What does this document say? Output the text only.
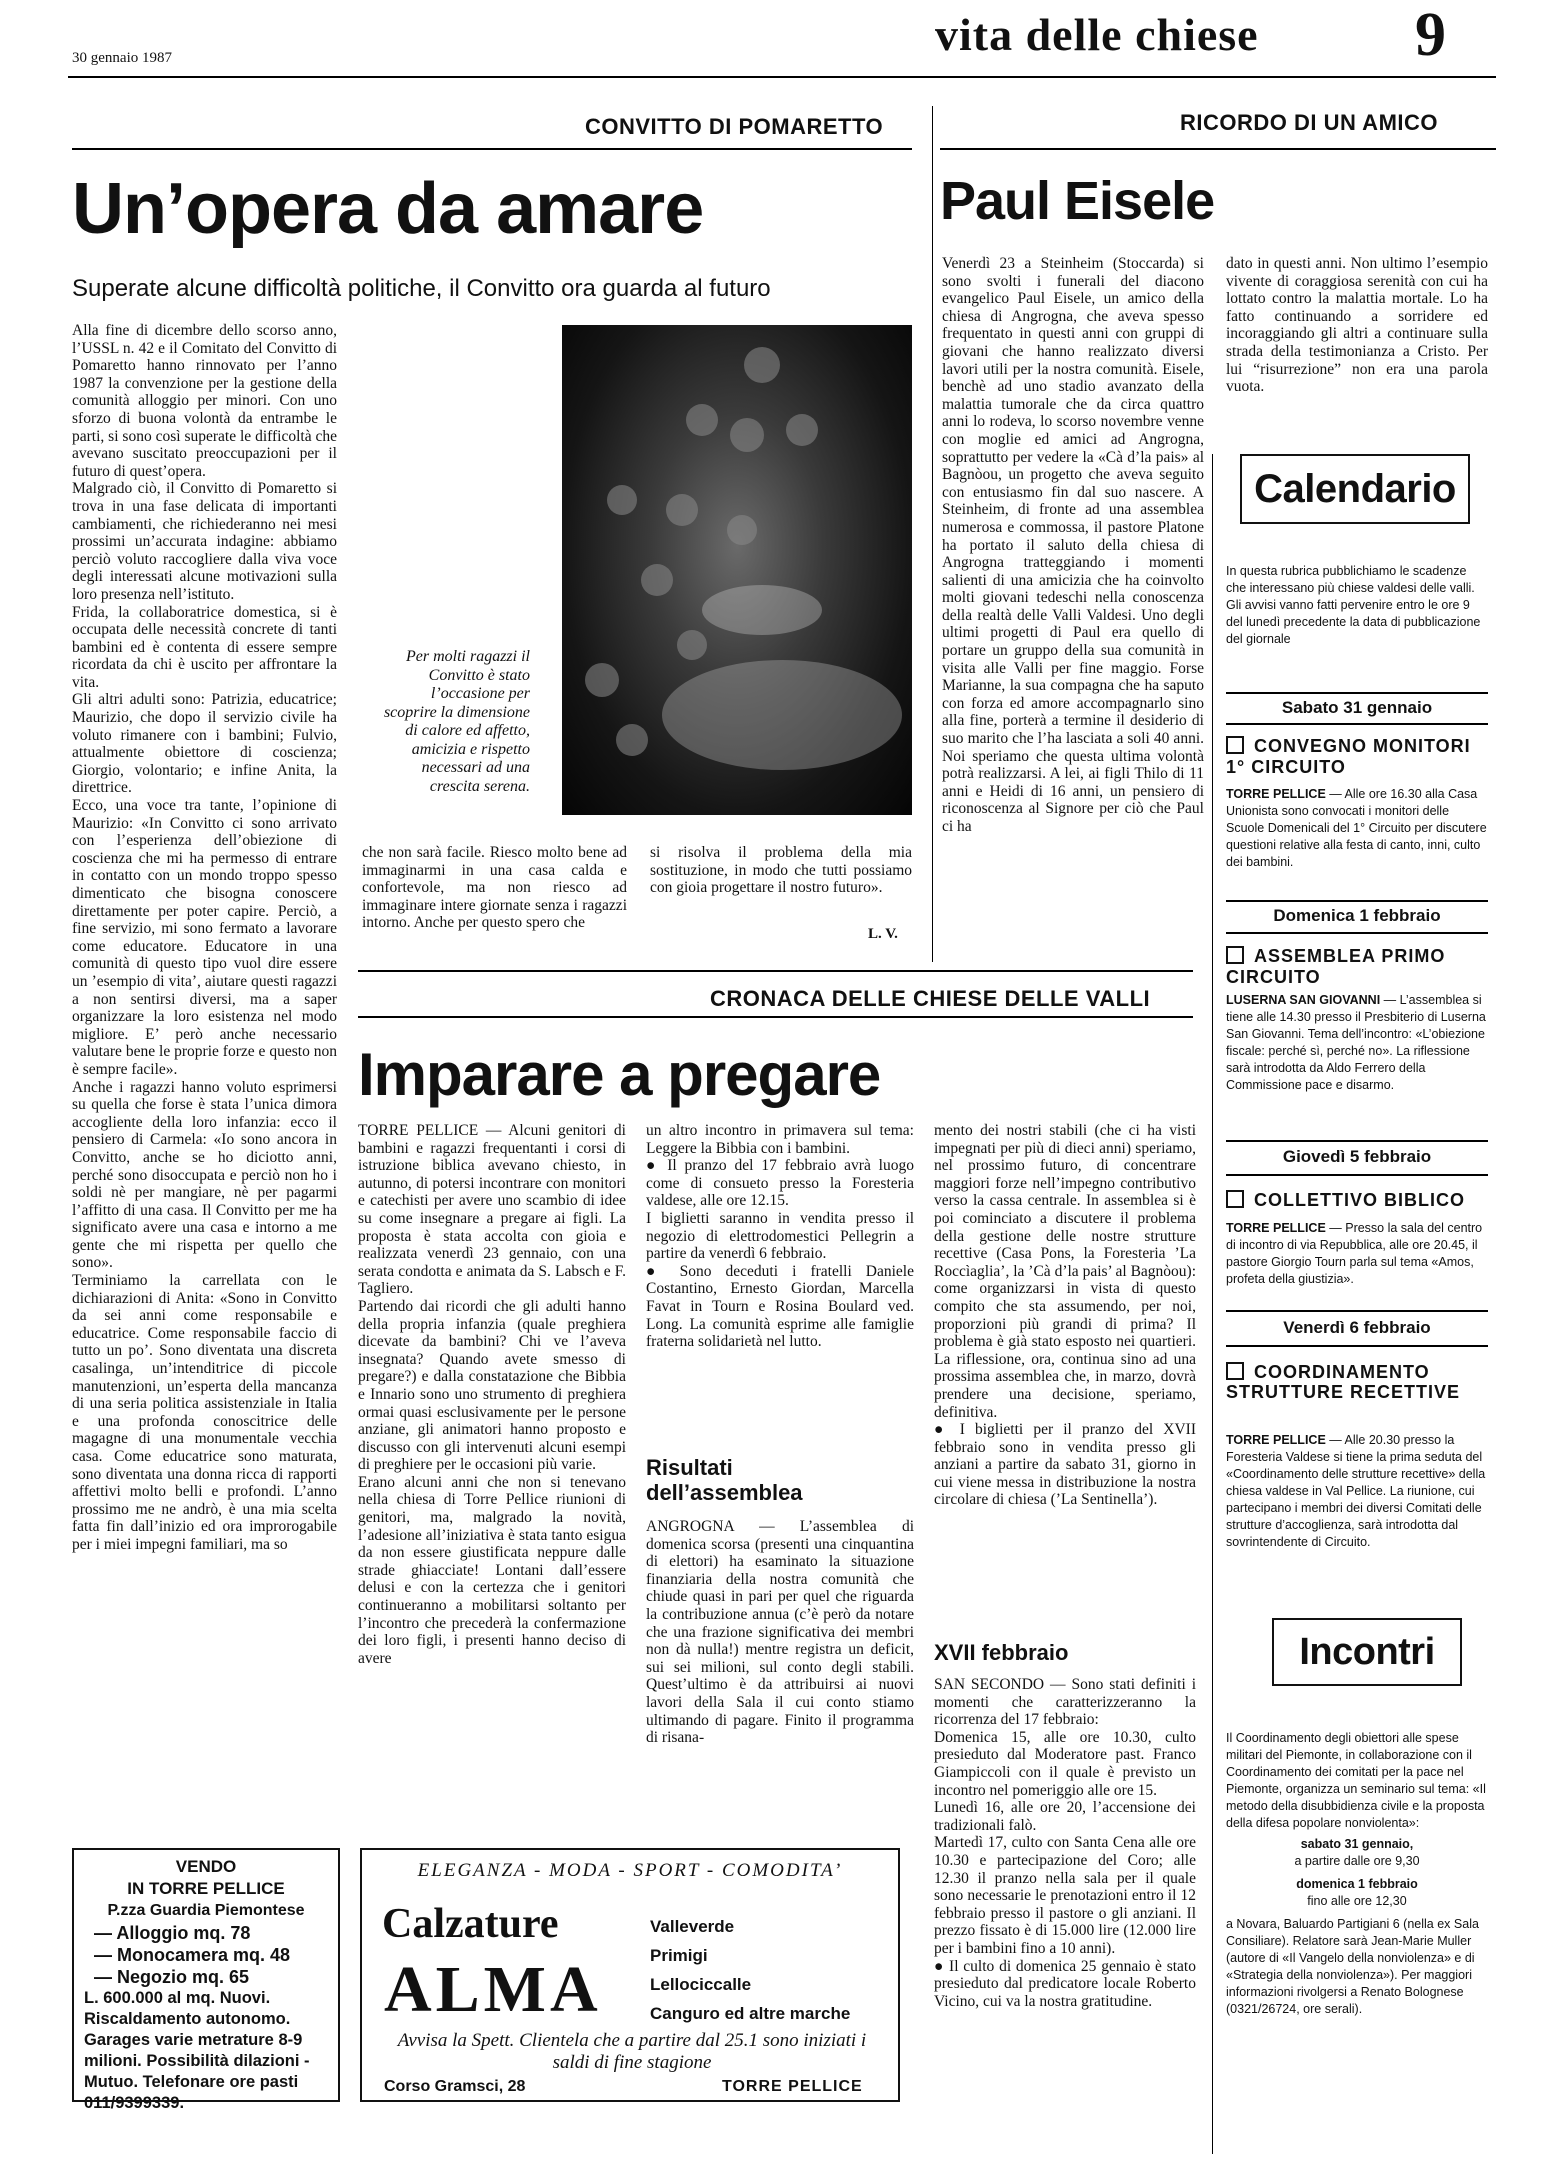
30 gennaio 1987	vita delle chiese	9
CONVITTO DI POMARETTO
Un’opera da amare
Superate alcune difficoltà politiche, il Convitto ora guarda al futuro
Alla fine di dicembre dello scorso anno, l’USSL n. 42 e il Comitato del Convitto di Pomaretto hanno rinnovato per l’anno 1987 la convenzione per la gestione della comunità alloggio per minori. Con uno sforzo di buona volontà da entrambe le parti, si sono così superate le difficoltà che avevano suscitato preoccupazioni per il futuro di quest’opera.
Malgrado ciò, il Convitto di Pomaretto si trova in una fase delicata di importanti cambiamenti, che richiederanno nei mesi prossimi un’accurata indagine: abbiamo perciò voluto raccogliere dalla viva voce degli interessati alcune motivazioni sulla loro presenza nell’istituto.
Frida, la collaboratrice domestica, si è occupata delle necessità concrete di tanti bambini ed è contenta di essere sempre ricordata da chi è uscito per affrontare la vita.
Gli altri adulti sono: Patrizia, educatrice; Maurizio, che dopo il servizio civile ha voluto rimanere con i bambini; Fulvio, attualmente obiettore di coscienza; Giorgio, volontario; e infine Anita, la direttrice.
Ecco, una voce tra tante, l’opinione di Maurizio: «In Convitto ci sono arrivato con l’esperienza dell’obiezione di coscienza che mi ha permesso di entrare in contatto con un mondo troppo spesso dimenticato che bisogna conoscere direttamente per poter capire. Perciò, a fine servizio, mi sono fermato a lavorare come educatore. Educatore in una comunità di questo tipo vuol dire essere un ’esempio di vita’, aiutare questi ragazzi a non sentirsi diversi, ma a saper organizzare la loro esistenza nel modo migliore. E’ però anche necessario valutare bene le proprie forze e questo non è sempre facile».
Anche i ragazzi hanno voluto esprimersi su quella che forse è stata l’unica dimora accogliente della loro infanzia: ecco il pensiero di Carmela: «Io sono ancora in Convitto, anche se ho diciotto anni, perché sono disoccupata e perciò non ho i soldi nè per mangiare, nè per pagarmi l’affitto di una casa. Il Convitto per me ha significato avere una casa e intorno a me gente che mi rispetta per quello che sono».
Terminiamo la carrellata con le dichiarazioni di Anita: «Sono in Convitto da sei anni come responsabile e educatrice. Come responsabile faccio di tutto un po’. Sono diventata una discreta casalinga, un’intenditrice di piccole manutenzioni, un’esperta della mancanza di una seria politica assistenziale in Italia e una profonda conoscitrice delle magagne di una monumentale vecchia casa. Come educatrice sono maturata, sono diventata una donna ricca di rapporti affettivi molto belli e profondi. L’anno prossimo me ne andrò, è una mia scelta fatta fin dall’inizio ed ora improrogabile per i miei impegni familiari, ma so
Per molti ragazzi il Convitto è stato l’occasione per scoprire la dimensione di calore ed affetto, amicizia e rispetto necessari ad una crescita serena.
che non sarà facile. Riesco molto bene ad immaginarmi in una casa calda e confortevole, ma non riesco ad immaginare intere giornate senza i ragazzi intorno. Anche per questo spero che
si risolva il problema della mia sostituzione, in modo che tutti possiamo con gioia progettare il nostro futuro».
L. V.
RICORDO DI UN AMICO
Paul Eisele
Venerdì 23 a Steinheim (Stoccarda) si sono svolti i funerali del diacono evangelico Paul Eisele, un amico della chiesa di Angrogna, che aveva spesso frequentato in questi anni con gruppi di giovani che hanno realizzato diversi lavori utili per la nostra comunità. Eisele, benchè ad uno stadio avanzato della malattia tumorale che da circa quattro anni lo rodeva, lo scorso novembre venne con moglie ed amici ad Angrogna, soprattutto per vedere la «Cà d’la pais» al Bagnòou, un progetto che aveva seguito con entusiasmo fin dal suo nascere. A Steinheim, di fronte ad una assemblea numerosa e commossa, il pastore Platone ha portato il saluto della chiesa di Angrogna tratteggiando i momenti salienti di una amicizia che ha coinvolto molti giovani tedeschi nella conoscenza della realtà delle Valli Valdesi. Uno degli ultimi progetti di Paul era quello di portare un gruppo della sua comunità in visita alle Valli per fine maggio. Forse Marianne, la sua compagna che ha saputo con forza ed amore accompagnarlo sino alla fine, porterà a termine il desiderio di suo marito che l’ha lasciata a soli 40 anni. Noi speriamo che questa ultima volontà potrà realizzarsi. A lei, ai figli Thilo di 11 anni e Heidi di 16 anni, un pensiero di riconoscenza al Signore per ciò che Paul ci ha
dato in questi anni. Non ultimo l’esempio vivente di coraggiosa serenità con cui ha lottato contro la malattia mortale. Lo ha fatto continuando a sorridere ed incoraggiando gli altri a continuare sulla strada della testimonianza a Cristo. Per lui “risurrezione” non era una parola vuota.
Calendario
In questa rubrica pubblichiamo le scadenze che interessano più chiese valdesi delle valli. Gli avvisi vanno fatti pervenire entro le ore 9 del lunedì precedente la data di pubblicazione del giornale
Sabato 31 gennaio
CONVEGNO MONITORI 1° CIRCUITO
TORRE PELLICE — Alle ore 16.30 alla Casa Unionista sono convocati i monitori delle Scuole Domenicali del 1° Circuito per discutere questioni relative alla festa di canto, inni, culto dei bambini.
Domenica 1 febbraio
ASSEMBLEA PRIMO CIRCUITO
LUSERNA SAN GIOVANNI — L’assemblea si tiene alle 14.30 presso il Presbiterio di Luserna San Giovanni. Tema dell’incontro: «L’obiezione fiscale: perché sì, perché no». La riflessione sarà introdotta da Aldo Ferrero della Commissione pace e disarmo.
Giovedì 5 febbraio
COLLETTIVO BIBLICO
TORRE PELLICE — Presso la sala del centro di incontro di via Repubblica, alle ore 20.45, il pastore Giorgio Tourn parla sul tema «Amos, profeta della giustizia».
Venerdì 6 febbraio
COORDINAMENTO STRUTTURE RECETTIVE
TORRE PELLICE — Alle 20.30 presso la Foresteria Valdese si tiene la prima seduta del «Coordinamento delle strutture recettive» della chiesa valdese in Val Pellice. La riunione, cui partecipano i membri dei diversi Comitati delle strutture d’accoglienza, sarà introdotta dal sovrintendente di Circuito.
Incontri
Il Coordinamento degli obiettori alle spese militari del Piemonte, in collaborazione con il Coordinamento dei comitati per la pace nel Piemonte, organizza un seminario sul tema: «Il metodo della disubbidienza civile e la proposta della difesa popolare nonviolenta»:
sabato 31 gennaio,
a partire dalle ore 9,30
domenica 1 febbraio
fino alle ore 12,30
a Novara, Baluardo Partigiani 6 (nella ex Sala Consiliare). Relatore sarà Jean-Marie Muller (autore di «Il Vangelo della nonviolenza» e di «Strategia della nonviolenza»). Per maggiori informazioni rivolgersi a Renato Bolognese (0321/26724, ore serali).
CRONACA DELLE CHIESE DELLE VALLI
Imparare a pregare
TORRE PELLICE — Alcuni genitori di bambini e ragazzi frequentanti i corsi di istruzione biblica avevano chiesto, in autunno, di potersi incontrare con monitori e catechisti per avere uno scambio di idee su come insegnare a pregare ai figli. La proposta è stata accolta con gioia e realizzata venerdì 23 gennaio, con una serata condotta e animata da S. Labsch e F. Tagliero.
Partendo dai ricordi che gli adulti hanno della propria infanzia (quale preghiera dicevate da bambini? Chi ve l’aveva insegnata? Quando avete smesso di pregare?) e dalla constatazione che Bibbia e Innario sono uno strumento di preghiera ormai quasi esclusivamente per le persone anziane, gli animatori hanno proposto e discusso con gli intervenuti alcuni esempi di preghiere per le occasioni più varie.
Erano alcuni anni che non si tenevano nella chiesa di Torre Pellice riunioni di genitori, ma, malgrado la novità, l’adesione all’iniziativa è stata tanto esigua da non essere giustificata neppure dalle strade ghiacciate! Lontani dall’essere delusi e con la certezza che i genitori continueranno a mobilitarsi soltanto per l’incontro che precederà la confermazione dei loro figli, i presenti hanno deciso di avere
un altro incontro in primavera sul tema: Leggere la Bibbia con i bambini.
● Il pranzo del 17 febbraio avrà luogo come di consueto presso la Foresteria valdese, alle ore 12.15.
I biglietti saranno in vendita presso il negozio di elettrodomestici Pellegrin a partire da venerdì 6 febbraio.
● Sono deceduti i fratelli Daniele Costantino, Ernesto Giordan, Marcella Favat in Tourn e Rosina Boulard ved. Long. La comunità esprime alle famiglie fraterna solidarietà nel lutto.
Risultati dell’assemblea
ANGROGNA — L’assemblea di domenica scorsa (presenti una cinquantina di elettori) ha esaminato la situazione finanziaria della nostra comunità che chiude quasi in pari per quel che riguarda la contribuzione annua (c’è però da notare che una frazione significativa dei membri non dà nulla!) mentre registra un deficit, sui sei milioni, sul conto degli stabili. Quest’ultimo è da attribuirsi ai nuovi lavori della Sala il cui conto stiamo ultimando di pagare. Finito il programma di risana-
mento dei nostri stabili (che ci ha visti impegnati per più di dieci anni) speriamo, nel prossimo futuro, di concentrare maggiori forze nell’impegno contributivo verso la cassa centrale. In assemblea si è poi cominciato a discutere il problema della gestione delle nostre strutture recettive (Casa Pons, la Foresteria ’La Roccìaglia’, la ’Cà d’la pais’ al Bagnòou): come organizzarsi in vista di questo compito che sta assumendo, per noi, proporzioni più grandi di prima? Il problema è già stato esposto nei quartieri. La riflessione, ora, continua sino ad una prossima assemblea che, in marzo, dovrà prendere una decisione, speriamo, definitiva.
● I biglietti per il pranzo del XVII febbraio sono in vendita presso gli anziani a partire da sabato 31, giorno in cui viene messa in distribuzione la nostra circolare di chiesa (’La Sentinella’).
XVII febbraio
SAN SECONDO — Sono stati definiti i momenti che caratterizzeranno la ricorrenza del 17 febbraio:
Domenica 15, alle ore 10.30, culto presieduto dal Moderatore past. Franco Giampiccoli con il quale è previsto un incontro nel pomeriggio alle ore 15.
Lunedì 16, alle ore 20, l’accensione dei tradizionali falò.
Martedì 17, culto con Santa Cena alle ore 10.30 e partecipazione del Coro; alle 12.30 il pranzo nella sala per il quale sono necessarie le prenotazioni entro il 12 febbraio presso il pastore o gli anziani. Il prezzo fissato è di 15.000 lire (12.000 lire per i bambini fino a 10 anni).
● Il culto di domenica 25 gennaio è stato presieduto dal predicatore locale Roberto Vicino, cui va la nostra gratitudine.
VENDO
IN TORRE PELLICE
P.zza Guardia Piemontese
— Alloggio mq. 78
— Monocamera mq. 48
— Negozio mq. 65
L. 600.000 al mq. Nuovi. Riscaldamento autonomo. Garages varie metrature 8-9 milioni. Possibilità dilazioni - Mutuo. Telefonare ore pasti 011/9399339.
ELEGANZA - MODA - SPORT - COMODITA’
Calzature
ALMA
Valleverde
Primigi
Lellociccalle
Canguro ed altre marche
Avvisa la Spett. Clientela che a partire dal 25.1 sono iniziati i saldi di fine stagione
Corso Gramsci, 28	TORRE PELLICE
